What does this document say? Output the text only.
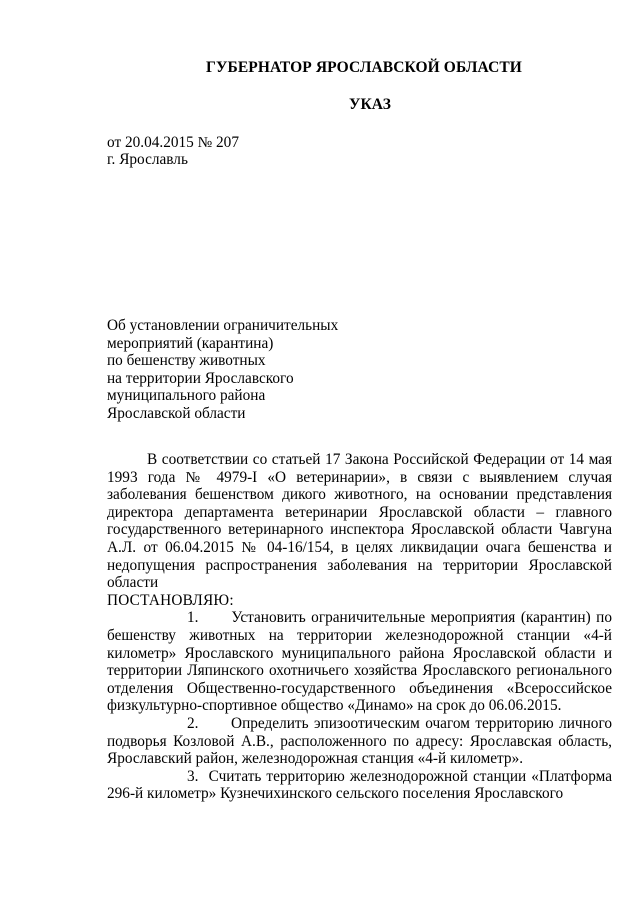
ГУБЕРНАТОР ЯРОСЛАВСКОЙ ОБЛАСТИ
УКАЗ
от 20.04.2015 № 207
г. Ярославль
Об установлении ограничительных
мероприятий (карантина)
по бешенству животных
на территории Ярославского
муниципального района
Ярославской области

В соответствии со статьей 17 Закона Российской Федерации от 14 мая 1993 года № 4979-I «О ветеринарии», в связи с выявлением случая заболевания бешенством дикого животного, на основании представления директора департамента ветеринарии Ярославской области – главного государственного ветеринарного инспектора Ярославской области Чавгуна А.Л. от 06.04.2015 № 04-16/154, в целях ликвидации очага бешенства и недопущения распространения заболевания на территории Ярославской области

ПОСТАНОВЛЯЮ:

1. Установить ограничительные мероприятия (карантин) по бешенству животных на территории железнодорожной станции «4-й километр» Ярославского муниципального района Ярославской области и территории Ляпинского охотничьего хозяйства Ярославского регионального отделения Общественно-государственного объединения «Всероссийское физкультурно-спортивное общество «Динамо» на срок до 06.06.2015.

2. Определить эпизоотическим очагом территорию личного подворья Козловой А.В., расположенного по адресу: Ярославская область, Ярославский район, железнодорожная станция «4-й километр».

3. Считать территорию железнодорожной станции «Платформа 296-й километр» Кузнечихинского сельского поселения Ярославского
